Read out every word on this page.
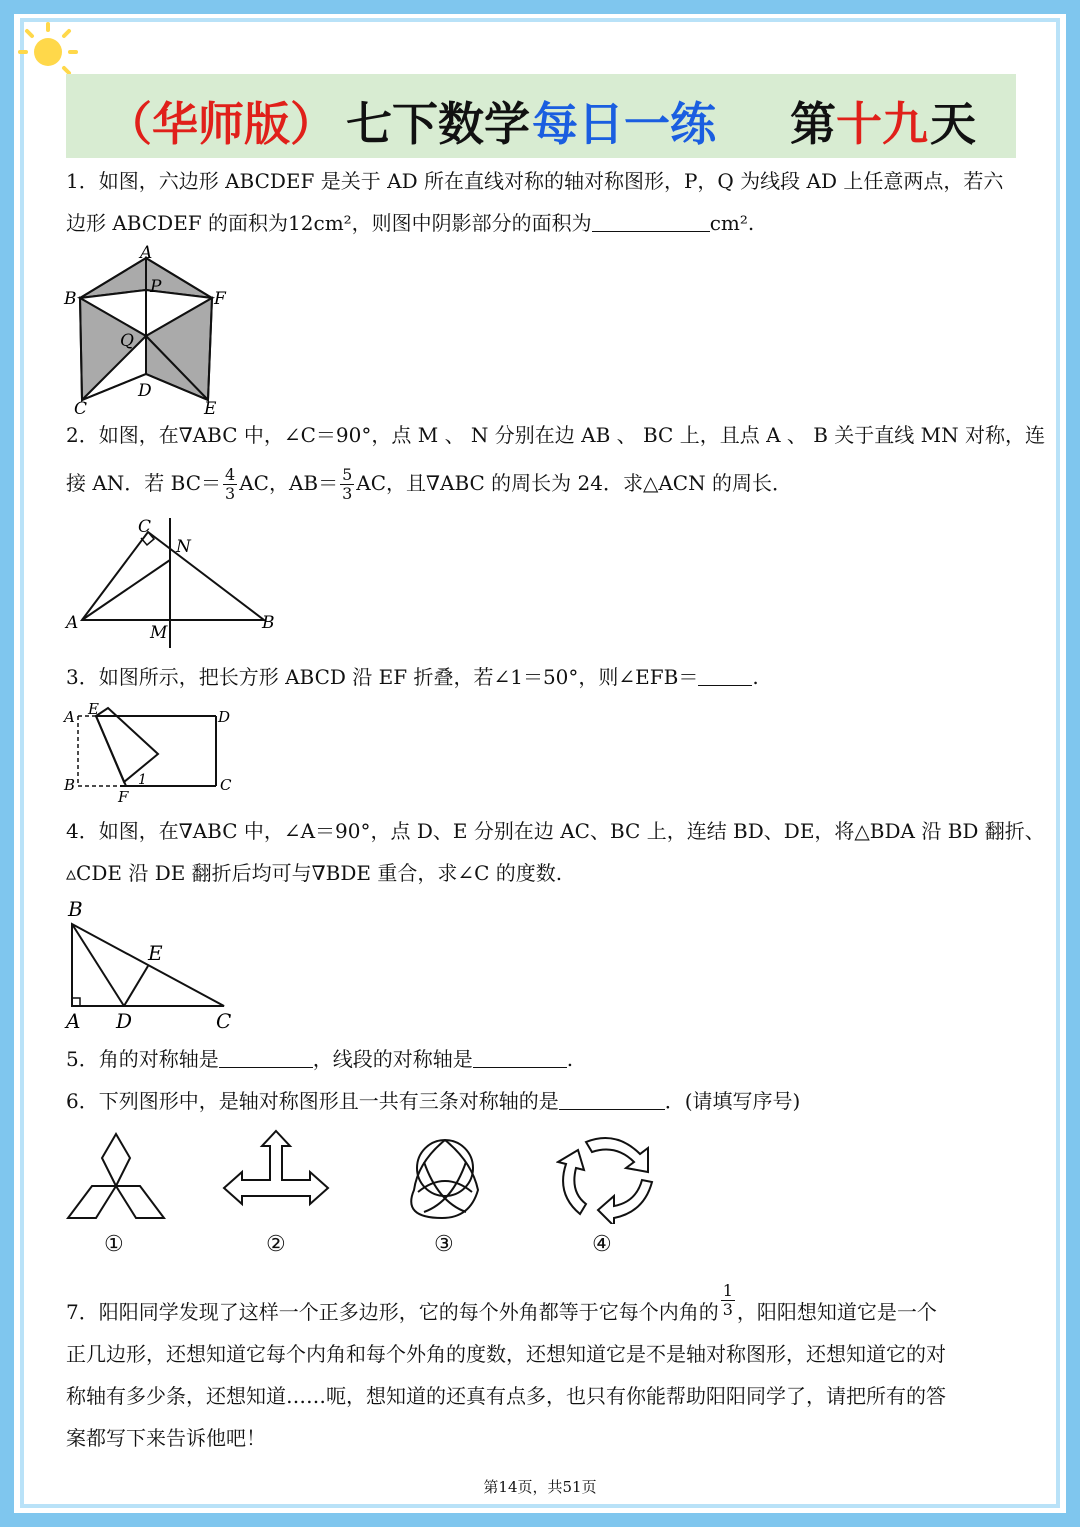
（华师版） 七下数学 每日一练 第 十九 天
1．如图，六边形 ABCDEF 是关于 AD 所在直线对称的轴对称图形，P，Q 为线段 AD 上任意两点，若六
边形 ABCDEF 的面积为12cm²，则图中阴影部分的面积为	cm².
A
B	F
P
Q
D
C	E
2．如图，在∇ABC 中，∠C＝90°，点 M 、 N 分别在边 AB 、 BC 上，且点 A 、 B 关于直线 MN 对称，连
接 AN．若 $BC= \frac{4}{3}$ AC，$AB= \frac{5}{3}$ AC，且∇ABC 的周长为 24．求△ACN 的周长．
C
N
A	M	B
3．如图所示，把长方形 ABCD 沿 EF 折叠，若∠1＝50°，则∠EFB＝	.
A E	D
B	1
F
C
4．如图，在∇ABC 中，∠A＝90°，点 D、E 分别在边 AC、BC 上，连结 BD、DE，将△BDA 沿 BD 翻折、
▵CDE 沿 DE 翻折后均可与∇BDE 重合，求∠C 的度数.
B
E
A D	C
5．角的对称轴是	，线段的对称轴是	.
6．下列图形中，是轴对称图形且一共有三条对称轴的是	．(请填写序号)
①	②	③	④
7．阳阳同学发现了这样一个正多边形，它的每个外角都等于它每个内角的 $\frac{1}{3}$ ，阳阳想知道它是一个
正几边形，还想知道它每个内角和每个外角的度数，还想知道它是不是轴对称图形，还想知道它的对
称轴有多少条，还想知道……呃，想知道的还真有点多，也只有你能帮助阳阳同学了，请把所有的答
案都写下来告诉他吧！
第14页，共51页
